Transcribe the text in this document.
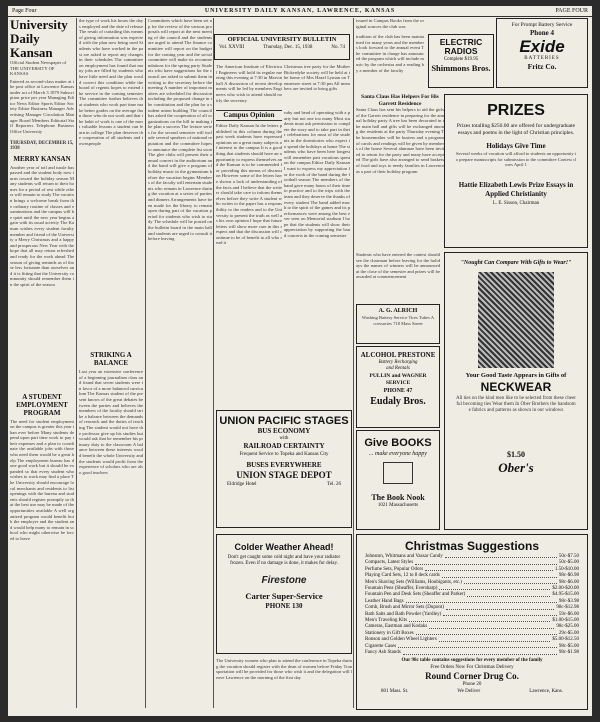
Page Four	UNIVERSITY DAILY KANSAN, LAWRENCE, KANSAS	PAGE FOUR
University Daily Kansan
Official Student Newspaper of THE UNIVERSITY OF KANSAS
Entered as second-class matter at the post office at Lawrence Kansas under act of March 3 1879 Subscription price per year Managing Editor News Editor Sports Editor Society Editor Business Manager Advertising Manager Circulation Manager Board Members Editorial Staff Reporters Telephone Business Office University
THURSDAY, DECEMBER 15, 1938
MERRY KANSAN
Another year of toil and tussle has passed and the student body now turns toward the holiday season Many students will return to their homes for a period of rest while others will remain to study The vacation brings a welcome break from the ordinary routine of classes and examinations and the campus will be quiet until the new year begins again with its usual activity The Kansan wishes every student faculty member and friend of the University a Merry Christmas and a happy and prosperous New Year with the hope that all may return refreshed and ready for the work ahead The season of giving reminds us of those less fortunate than ourselves and it is fitting that the University community should remember them in the spirit of the season
A STUDENT EMPLOYMENT PROGRAM
The need for student employment on the campus is greater this year than ever before Many students depend upon part time work to pay their expenses and a plan to coordinate the available jobs with those who need them would be a great help The employment bureau has done good work but it should be expanded so that every student who wishes to work may find a place The University should encourage local merchants and residents to list openings with the bureau and students should register promptly so that the best use may be made of the opportunities available A well organized program would benefit both the employer and the student and would help many to remain in school who might otherwise be forced to leave
the type of work his hours the days employed and the date of release The result of curtailing this means of giving information was expected with the plan now being used Students who have worked in the past are asked to report any changes in their schedules The committee on employment has found that many jobs are filled by students who have little need and the plan would correct this condition while the board of regents hopes to extend the service in the coming semester The committee further believes that students who work part time make better grades on the average than those who do not work and that the habit of work is one of the most valuable lessons a student can learn in college The plan deserves the cooperation of all students and townspeople
STRIKING A BALANCE
Last year an extensive conference of a beginning journalism class and found that seven students were in favor of a more balanced curriculum The Kansas student of the present knows of the great debates between the parties and believes the members of the faculty should strike a balance between the demands of research and the duties of teaching The student would not have the professor give up his studies but would ask that he remember his primary duty to the classroom A balance between these interests would benefit the whole University and the students would profit from the experience of scholars who are also good teachers
Committees which have been set up for the review of the various proposals will report at the next meeting of the council and the students are urged to attend The finance committee will report on the budget for the coming year and the social committee will make its recommendations for the spring party Students who have suggestions for the council are asked to submit them in writing to the secretary before the meeting A number of important matters are scheduled for discussion including the proposed change in the constitution and the plan for a student union building The council has asked the cooperation of all organizations on the hill in making the plan a success The lecture series for the second semester will include several speakers of national reputation and the committee hopes to announce the complete list soon The glee clubs will present their annual concert in the auditorium and the band will give a program of holiday music in the gymnasium before the vacation begins Members of the faculty will entertain students who remain in Lawrence during the vacation at a series of parties and dinners Arrangements have been made for the library to remain open during part of the vacation period for students who wish to study The schedule will be posted on the bulletin board in the main hall and students are urged to consult it before leaving
OFFICIAL UNIVERSITY BULLETIN
Vol. XXVIII	Thursday, Dec. 15, 1938	No. 74
The American Institute of Electrical Engineers will hold its regular meeting this evening at 7:30 in Marvin hall A discussion of recent developments will be led by members Engineers who wish to attend should notify the secretary
Christmas tree party for the Mother Bickerdyke society will be held at the home of Mrs Hazel Lyman on Tennessee street at 7:30 pm All members are invited to bring gifts
Campus Opinion
Editor Daily Kansan In the letters published in this column during the past week students have expressed opinions on a great many subjects of interest to the campus It is a good thing that students should have an opportunity to express themselves and the Kansan is to be commended for providing this means of discussion However some of the letters have shown a lack of understanding of the facts and I believe that the writers should take care to inform themselves before they write A student who writes to the paper has a responsibility to the readers and to the University to present the truth as well as his own opinion I hope that future letters will show more care in this respect and that the discussion will continue to be of benefit to all who read it
ruby and head of operating with a party but not one too many Most students must ask permission to complete the story and to take part in their celebrations for most of the students in the dormitories who expect to spend the holidays at home The students who have been here longest will remember past vacations spent on the campus Editor Daily Kansan I want to express my appreciation for the work of the band during the football season The members of the band gave many hours of their time to practice and to the trips with the team and they deserve the thanks of every student The band added much to the spirit of the games and its performances were among the best ever seen on Memorial stadium I hope that the students will show their appreciation by supporting the band concerts in the coming semester
UNION PACIFIC STAGES
BUS ECONOMY
with
RAILROAD CERTAINTY
Frequent Service to Topeka and Kansas City
BUSES EVERYWHERE
UNION STAGE DEPOT
Eldridge Hotel	Tel. 26
Colder Weather Ahead!
Don't get caught some cold night and have your radiator frozen. Even if no damage is done, it makes for delay.
Firestone
Carter Super-Service
PHONE 130
The University women who plan to attend the conference in Topeka during the vacation should register with the dean of women before Friday Transportation will be provided for those who wish it and the delegation will leave Lawrence on the morning of the first day
issued in Campus Books from the original sources the club was
ELECTRIC RADIOS
Complete $19.95
Shimmons Bros.
For Prompt Battery Service
Phone 4
Exide
BATTERIES
Fritz Co.
tradition of the club has been maintained for many years and the members look forward to the annual event The committee in charge has announced the program which will include music by the orchestra and a reading by a member of the faculty
Santa Claus Has Helpers For His Garrett Residence
Santa Claus has sent his helpers to aid the girls of the Garrett residence in preparing for the annual holiday party A tree has been decorated in the main hall and gifts will be exchanged among the residents at the party Thursday evening The housemother will be hostess and a program of carols and readings will be given by members of the house Several alumnae have been invited to return for the party and many have accepted The girls have also arranged to send baskets of food and toys to needy families in Lawrence as a part of their holiday program
PRIZES
Prizes totalling $250.00 are offered for undergraduate essays and poems in the light of Christian principles.
Holidays Give Time
Several weeks of vacation will afford to students an opportunity to prepare manuscripts for submission to the committee Contest closes April 1
Hattie Elizabeth Lewis Prize Essays in Applied Christianity
L. E. Sisson, Chairman
Students who have entered the contest should see the chairman before leaving for the holidays the names of winners will be announced at the close of the semester and prizes will be awarded at commencement
A. G. ALRICH
Washing Battery Service Tires Tubes Accessories 718 Mass Street
ALCOHOL PRESTONE
Battery Recharging
and Rentals
PULLIN and WAGNER SERVICE
PHONE 47
Eudaly Bros.
Give BOOKS
... make everyone happy
The Book Nook
1021 Massachusetts
"Nought Can Compare With Gifts to Wear!"
Your Good Taste Appears in Gifts of
NECKWEAR
All ties on the kind men like to be selected from these cheerful becoming ties Wear them In Ober Brothers the handsome fabrics and patterns as shown in our windows
$1.50
Ober's
Christmas Suggestions
Johnston, Whitmans and Vassar Candy	50c-$7.50
Compacts, Latest Styles	50c-$5.00
Perfume Sets, Popular Odors	1.50-$10.00
Playing Card Sets, 12 to 8 deck cards	98c-$6.98
Men's Shaving Sets (Williams, Houbigants, etc.)	98c-$6.00
Fountain Pens (Sheaffer, Eversharp)	$2.00-$20.00
Fountain Pen and Desk Sets (Sheaffer and Parker)	$4.95-$15.00
Leather Hand Bags	98c-$3.98
Comb, Brush and Mirror Sets (Dupont)	98c-$12.98
Bath Salts and Bath Powder (Yardley)	59c-$6.00
Men's Traveling Kits	$1.00-$15.00
Cameras, Eastman and Kodaks	98c-$25.00
Stationery in Gift Boxes	29c-$5.00
Ronson and Golden Wheel Lighters	$5.00-$12.50
Cigarette Cases	98c-$5.00
Fancy Ash Stands	98c-$1.98
Our 98c table contains suggestions for every member of the family
Free Orders Now For Christmas Delivery
Round Corner Drug Co.
Phone 20
801 Mass. St.	We Deliver	Lawrence, Kans.
